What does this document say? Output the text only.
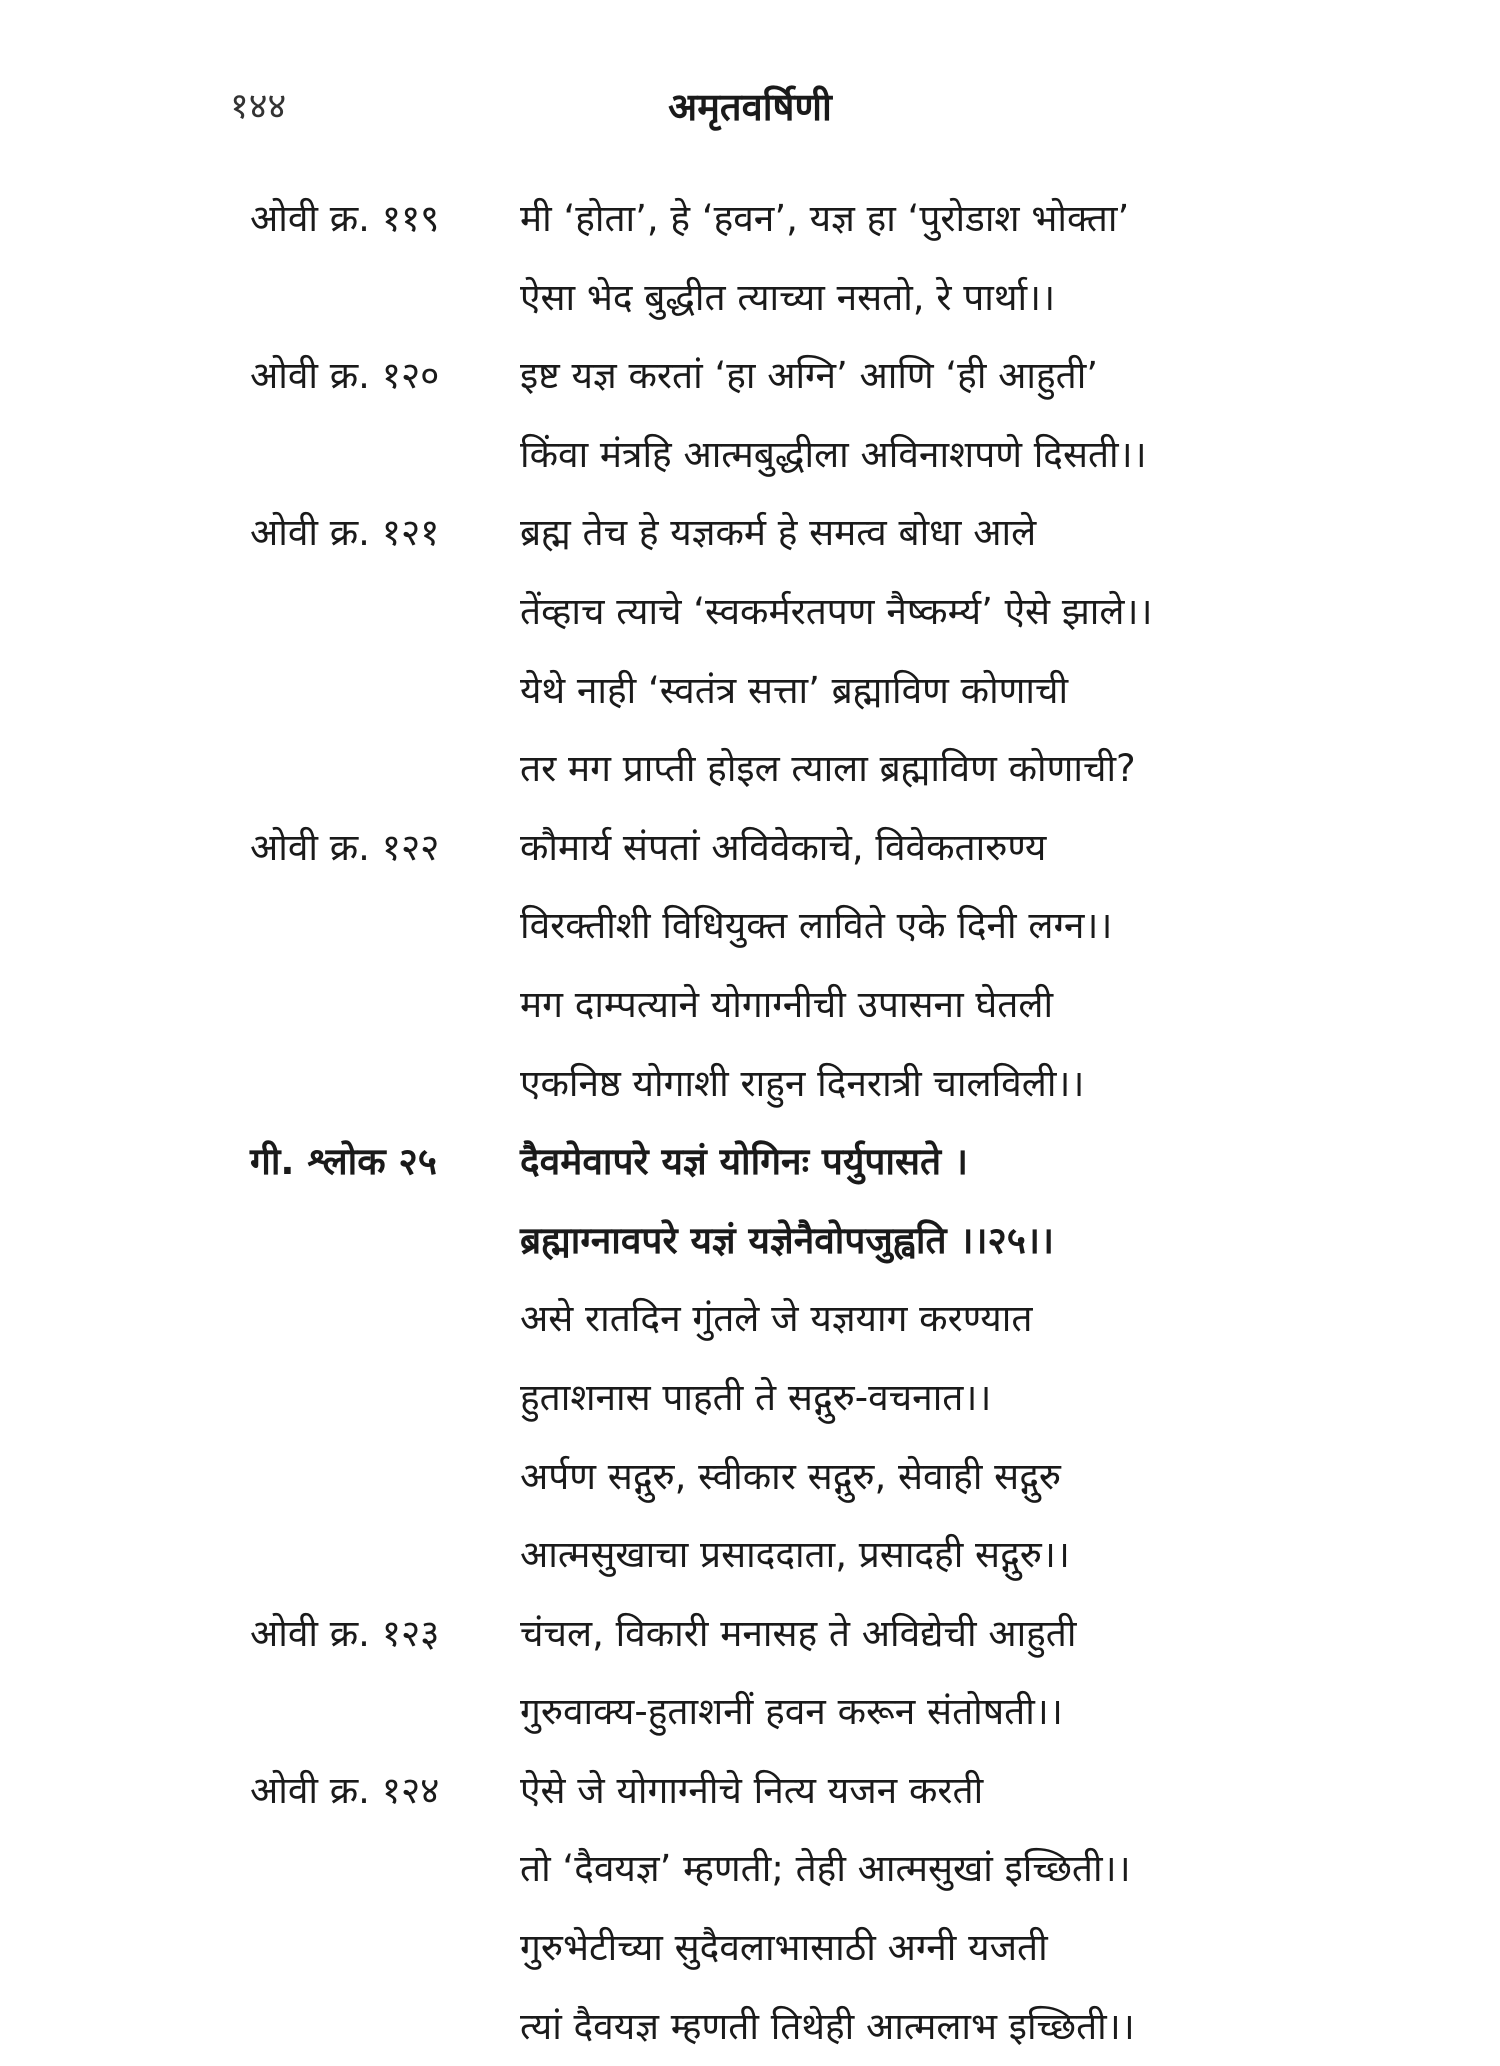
१४४	अमृतवर्षिणी
ओवी क्र. ११९ मी ‘होता’, हे ‘हवन’, यज्ञ हा ‘पुरोडाश भोक्ता’
ऐसा भेद बुद्धीत त्याच्या नसतो, रे पार्था।।
ओवी क्र. १२० इष्ट यज्ञ करतां ‘हा अग्नि’ आणि ‘ही आहुती’
किंवा मंत्रहि आत्मबुद्धीला अविनाशपणे दिसती।।
ओवी क्र. १२१ ब्रह्म तेच हे यज्ञकर्म हे समत्व बोधा आले
तेंव्हाच त्याचे ‘स्वकर्मरतपण नैष्कर्म्य’ ऐसे झाले।।
येथे नाही ‘स्वतंत्र सत्ता’ ब्रह्माविण कोणाची
तर मग प्राप्ती होइल त्याला ब्रह्माविण कोणाची?
ओवी क्र. १२२ कौमार्य संपतां अविवेकाचे, विवेकतारुण्य
विरक्तीशी विधियुक्त लाविते एके दिनी लग्न।।
मग दाम्पत्याने योगाग्नीची उपासना घेतली
एकनिष्ठ योगाशी राहुन दिनरात्री चालविली।।
गी. श्लोक २५ दैवमेवापरे यज्ञं योगिनः पर्युपासते ।
ब्रह्माग्नावपरे यज्ञं यज्ञेनैवोपजुह्वति ।।२५।।
असे रातदिन गुंतले जे यज्ञयाग करण्यात
हुताशनास पाहती ते सद्गुरु-वचनात।।
अर्पण सद्गुरु, स्वीकार सद्गुरु, सेवाही सद्गुरु
आत्मसुखाचा प्रसाददाता, प्रसादही सद्गुरु।।
ओवी क्र. १२३ चंचल, विकारी मनासह ते अविद्येची आहुती
गुरुवाक्य-हुताशनीं हवन करून संतोषती।।
ओवी क्र. १२४ ऐसे जे योगाग्नीचे नित्य यजन करती
तो ‘दैवयज्ञ’ म्हणती; तेही आत्मसुखां इच्छिती।।
गुरुभेटीच्या सुदैवलाभासाठी अग्नी यजती
त्यां दैवयज्ञ म्हणती तिथेही आत्मलाभ इच्छिती।।
